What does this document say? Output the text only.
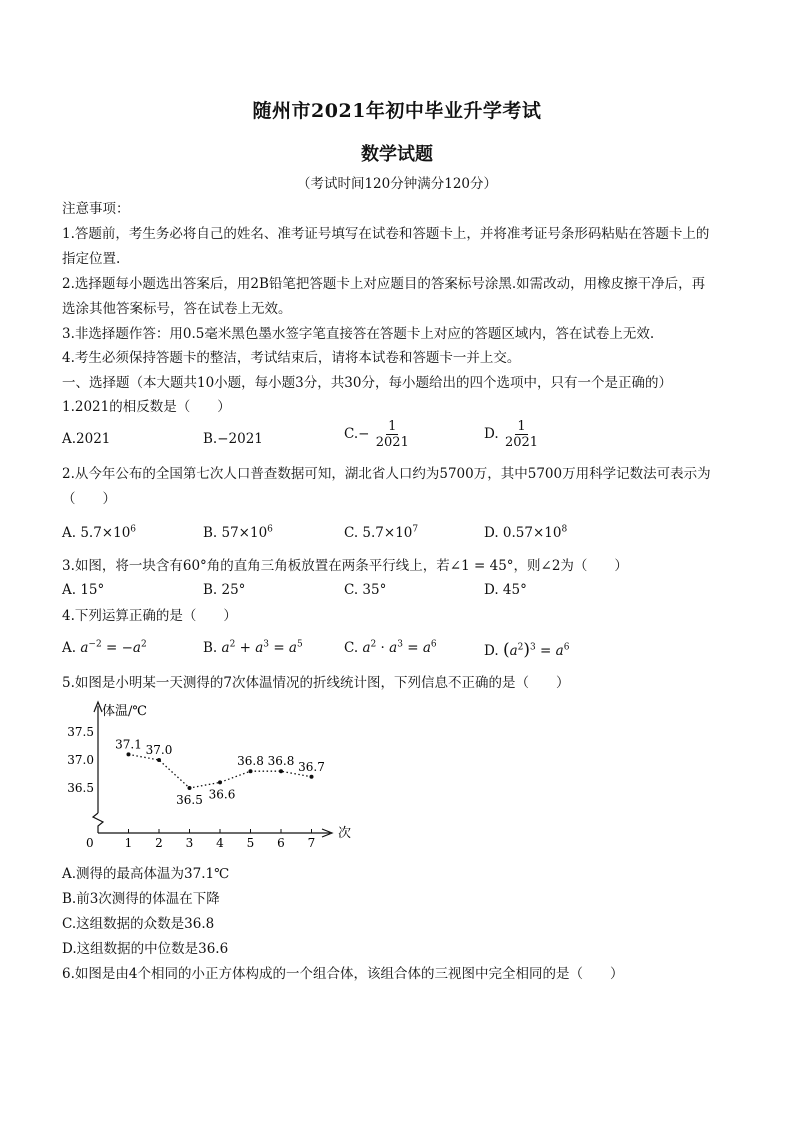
随州市2021年初中毕业升学考试
数学试题
（考试时间120分钟满分120分）
注意事项：
1.答题前，考生务必将自己的姓名、准考证号填写在试卷和答题卡上，并将准考证号条形码粘贴在答题卡上的
指定位置.
2.选择题每小题选出答案后，用2B铅笔把答题卡上对应题目的答案标号涂黑.如需改动，用橡皮擦干净后，再
选涂其他答案标号，答在试卷上无效。
3.非选择题作答：用0.5毫米黑色墨水签字笔直接答在答题卡上对应的答题区域内，答在试卷上无效.
4.考生必须保持答题卡的整洁，考试结束后，请将本试卷和答题卡一并上交。
一、选择题（本大题共10小题，每小题3分，共30分，每小题给出的四个选项中，只有一个是正确的）
1.2021的相反数是（　　）
A.2021	B.−2021	$C.- \frac{1}{2021}$	D. $\frac{1}{2021}$
2.从今年公布的全国第七次人口普查数据可知，湖北省人口约为5700万，其中5700万用科学记数法可表示为
（　　）
A. $5.7\times 10^6$	B. $57\times 10^6$	C. $5.7\times 10^7$	D. $0.57\times 10^8$
3.如图，将一块含有60°角的直角三角板放置在两条平行线上，若∠1 = 45°，则∠2为（　　）
A. 15°	B. 25°	C. 35°	D. 45°
4.下列运算正确的是（　　）
A. $a^{-2} = -a^2$	B. $a^2 + a^3 = a^5$	C. $a^2 \cdot a^3 = a^6$	D. $(a^2)^3 = a^6$
5.如图是小明某一天测得的7次体温情况的折线统计图，下列信息不正确的是（　　）
体温/℃
次
0	1 2 3 4 5 6 7
37.5
37.0
36.5
37.1 37.0
36.5 36.6
36.8 36.8 36.7
A.测得的最高体温为37.1℃
B.前3次测得的体温在下降
C.这组数据的众数是36.8
D.这组数据的中位数是36.6
6.如图是由4个相同的小正方体构成的一个组合体，该组合体的三视图中完全相同的是（　　）
